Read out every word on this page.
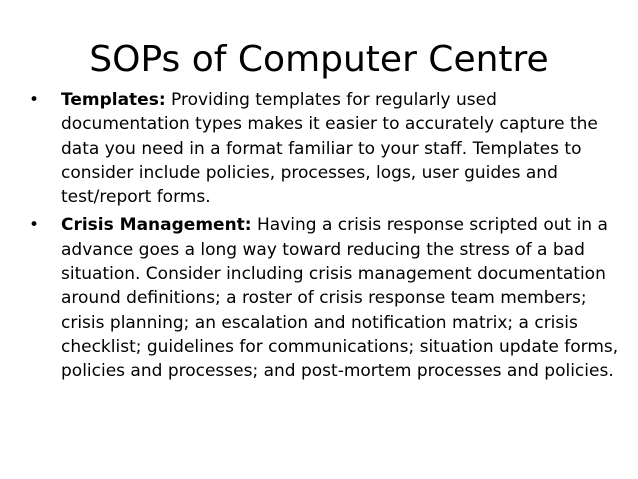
SOPs of Computer Centre
• Templates: Providing templates for regularly used documentation types makes it easier to accurately capture the data you need in a format familiar to your staff. Templates to consider include policies, processes, logs, user guides and test/report forms.
• Crisis Management: Having a crisis response scripted out in a advance goes a long way toward reducing the stress of a bad situation. Consider including crisis management documentation around definitions; a roster of crisis response team members; crisis planning; an escalation and notification matrix; a crisis checklist; guidelines for communications; situation update forms, policies and processes; and post-mortem processes and policies.
